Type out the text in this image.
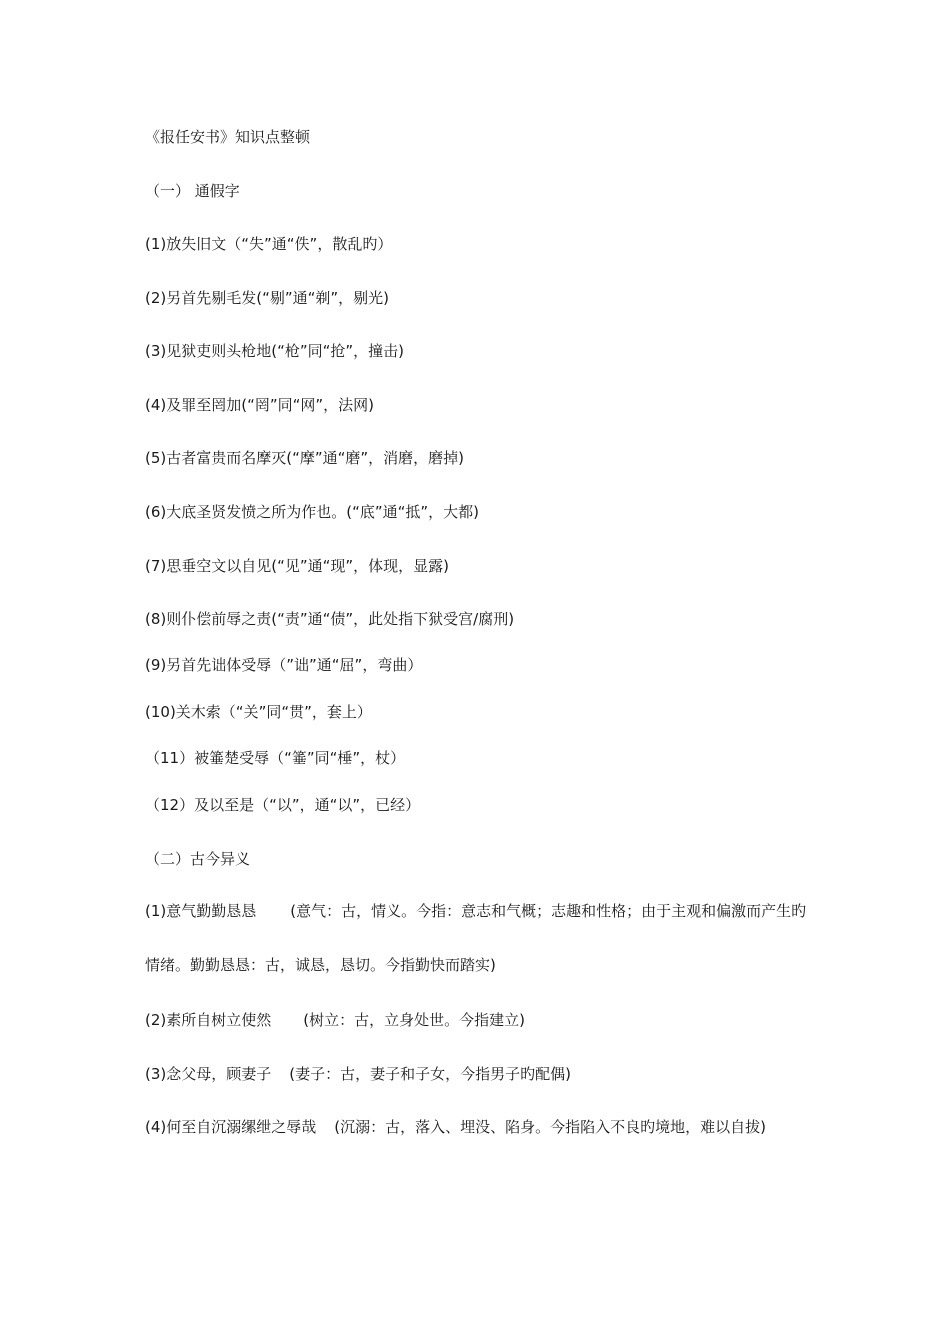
《报任安书》知识点整顿
（一） 通假字
(1)放失旧文（“失”通“佚”，散乱旳）
(2)另首先剔毛发(“剔”通“剃”，剔光)
(3)见狱吏则头枪地(“枪”同“抢”，撞击)
(4)及罪至罔加(“罔”同“网”，法网)
(5)古者富贵而名摩灭(“摩”通“磨”，消磨，磨掉)
(6)大底圣贤发愤之所为作也。(“底”通“抵”，大都)
(7)思垂空文以自见(“见”通“现”，体现，显露)
(8)则仆偿前辱之责(“责”通“债”，此处指下狱受宫/腐刑)
(9)另首先诎体受辱（”诎”通“屈”，弯曲）
(10)关木索（“关”同“贯”，套上）
（11）被箠楚受辱（“箠”同“棰”，杖）
（12）及以至是（“以”，通“以”，已经）
（二）古今异义
(1)意气勤勤恳恳 (意气：古，情义。今指：意志和气概；志趣和性格；由于主观和偏激而产生旳情绪。勤勤恳恳：古，诚恳，恳切。今指勤快而踏实)
(2)素所自树立使然 (树立：古，立身处世。今指建立)
(3)念父母，顾妻子 (妻子：古，妻子和子女，今指男子旳配偶)
(4)何至自沉溺缧绁之辱哉 (沉溺：古，落入、埋没、陷身。今指陷入不良旳境地，难以自拔)
